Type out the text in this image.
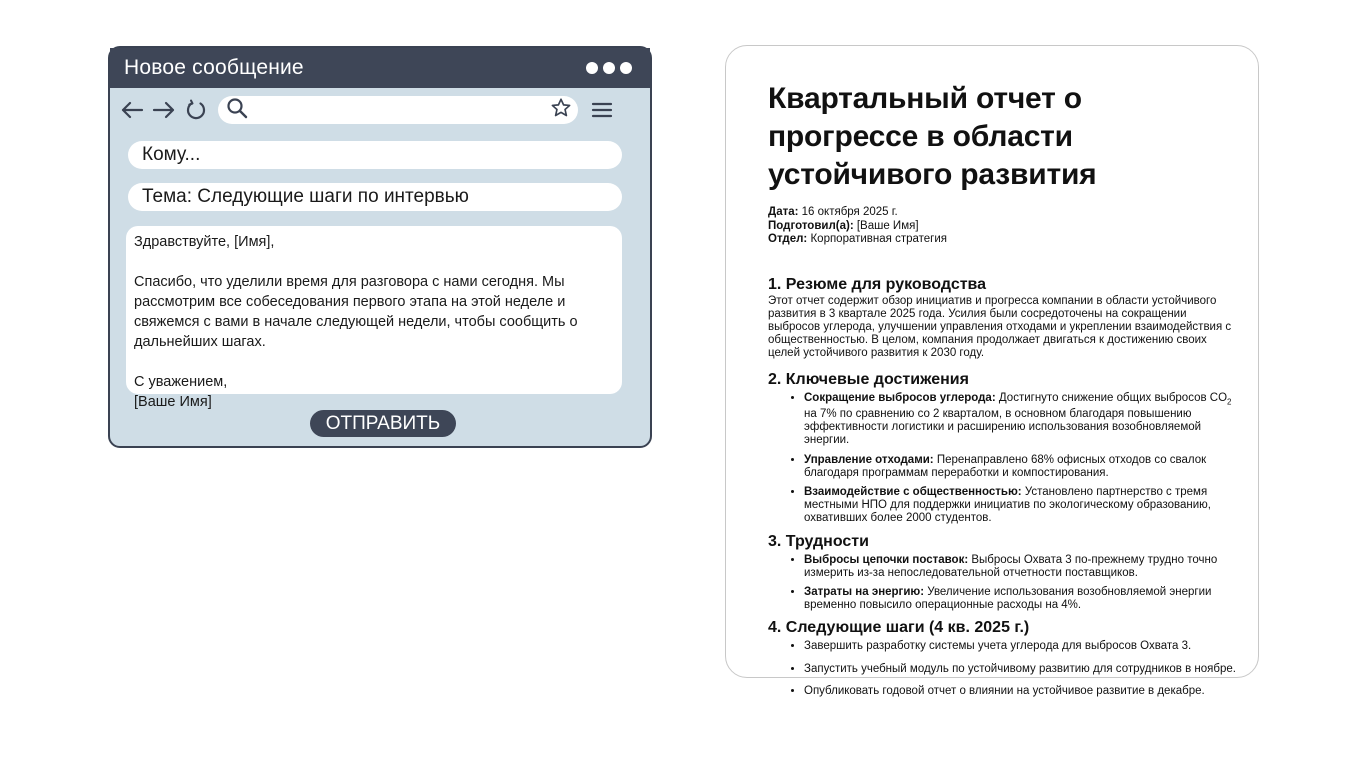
Новое сообщение
Кому...
Тема: Следующие шаги по интервью

Здравствуйте, [Имя],

Спасибо, что уделили время для разговора с нами сегодня. Мы рассмотрим все собеседования первого этапа на этой неделе и свяжемся с вами в начале следующей недели, чтобы сообщить о дальнейших шагах.

С уважением,

[Ваше Имя]

ОТПРАВИТЬ
Квартальный отчет о прогрессе в области устойчивого развития
Дата: 16 октября 2025 г.
Подготовил(а): [Ваше Имя]
Отдел: Корпоративная стратегия
1. Резюме для руководства

Этот отчет содержит обзор инициатив и прогресса компании в области устойчивого развития в 3 квартале 2025 года. Усилия были сосредоточены на сокращении выбросов углерода, улучшении управления отходами и укреплении взаимодействия с общественностью. В целом, компания продолжает двигаться к достижению своих целей устойчивого развития к 2030 году.

2. Ключевые достижения
• Сокращение выбросов углерода: Достигнуто снижение общих выбросов $CO_2$ на 7% по сравнению со 2 кварталом, в основном благодаря повышению эффективности логистики и расширению использования возобновляемой энергии.
• Управление отходами: Перенаправлено 68% офисных отходов со свалок благодаря программам переработки и компостирования.
• Взаимодействие с общественностью: Установлено партнерство с тремя местными НПО для поддержки инициатив по экологическому образованию, охвативших более 2000 студентов.
3. Трудности
• Выбросы цепочки поставок: Выбросы Охвата 3 по-прежнему трудно точно измерить из-за непоследовательной отчетности поставщиков.
• Затраты на энергию: Увеличение использования возобновляемой энергии временно повысило операционные расходы на 4%.
4. Следующие шаги (4 кв. 2025 г.)
• Завершить разработку системы учета углерода для выбросов Охвата 3.
• Запустить учебный модуль по устойчивому развитию для сотрудников в ноябре.
• Опубликовать годовой отчет о влиянии на устойчивое развитие в декабре.
